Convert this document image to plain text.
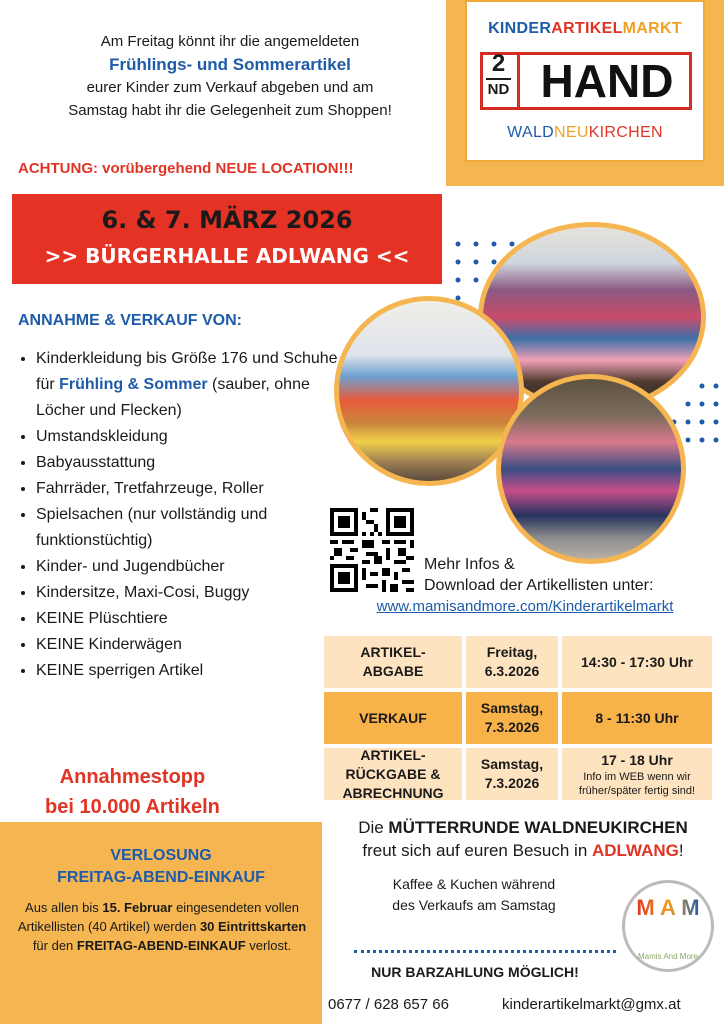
Am Freitag könnt ihr die angemeldeten
Frühlings- und Sommerartikel
eurer Kinder zum Verkauf abgeben und am
Samstag habt ihr die Gelegenheit zum Shoppen!
ACHTUNG: vorübergehend NEUE LOCATION!!!
KINDERARTIKELMARKT
2
ND HAND
WALDNEUKIRCHEN
6. & 7. MÄRZ 2026
>> BÜRGERHALLE ADLWANG <<
ANNAHME & VERKAUF VON:
• Kinderkleidung bis Größe 176 und Schuhe für Frühling & Sommer (sauber, ohne Löcher und Flecken)
• Umstandskleidung
• Babyausstattung
• Fahrräder, Tretfahrzeuge, Roller
• Spielsachen (nur vollständig und funktionstüchtig)
• Kinder- und Jugendbücher
• Kindersitze, Maxi-Cosi, Buggy
• KEINE Plüschtiere
• KEINE Kinderwägen
• KEINE sperrigen Artikel
Annahmestopp
bei 10.000 Artikeln
Mehr Infos &
Download der Artikellisten unter:
www.mamisandmore.com/Kinderartikelmarkt
ARTIKEL-
ABGABE
Freitag,
6.3.2026
14:30 - 17:30 Uhr
VERKAUF
Samstag,
7.3.2026
8 - 11:30 Uhr
ARTIKEL-
RÜCKGABE &
ABRECHNUNG
Samstag,
7.3.2026
17 - 18 Uhr
Info im WEB wenn wir
früher/später fertig sind!
VERLOSUNG
FREITAG-ABEND-EINKAUF
Aus allen bis 15. Februar eingesendeten vollen Artikellisten (40 Artikel) werden 30 Eintrittskarten für den FREITAG-ABEND-EINKAUF verlost.
Die MÜTTERRUNDE WALDNEUKIRCHEN
freut sich auf euren Besuch in ADLWANG!
Kaffee & Kuchen während
des Verkaufs am Samstag
NUR BARZAHLUNG MÖGLICH!
0677 / 628 657 66	kinderartikelmarkt@gmx.at
M A M
Mamis And More
